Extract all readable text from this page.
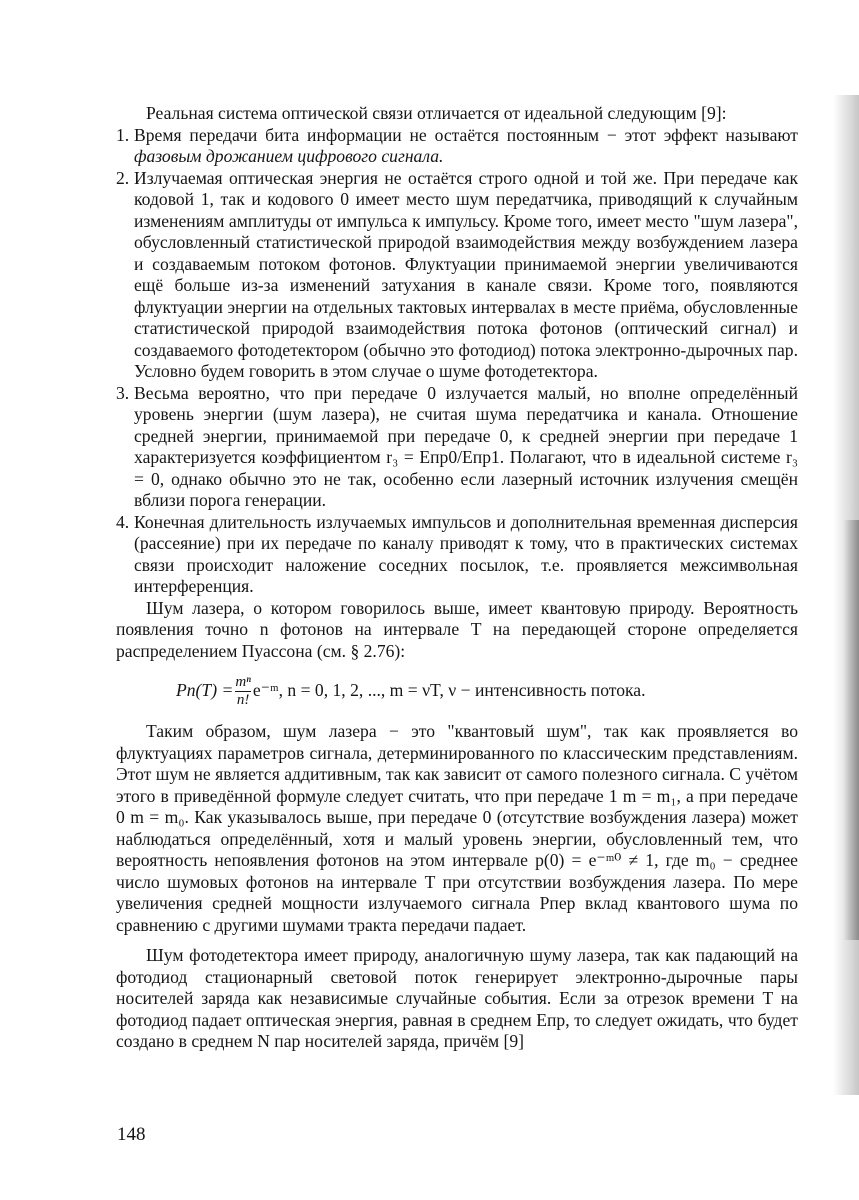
Реальная система оптической связи отличается от идеальной следующим [9]:

1. Время передачи бита информации не остаётся постоянным − этот эффект называют фазовым дрожанием цифрового сигнала.
2. Излучаемая оптическая энергия не остаётся строго одной и той же. При передаче как кодовой 1, так и кодового 0 имеет место шум передатчика, приводящий к случайным изменениям амплитуды от импульса к импульсу. Кроме того, имеет место "шум лазера", обусловленный статистической природой взаимодействия между возбуждением лазера и создаваемым потоком фотонов. Флуктуации принимаемой энергии увеличиваются ещё больше из-за изменений затухания в канале связи. Кроме того, появляются флуктуации энергии на отдельных тактовых интервалах в месте приёма, обусловленные статистической природой взаимодействия потока фотонов (оптический сигнал) и создаваемого фотодетектором (обычно это фотодиод) потока электронно-дырочных пар. Условно будем говорить в этом случае о шуме фотодетектора.
3. Весьма вероятно, что при передаче 0 излучается малый, но вполне определённый уровень энергии (шум лазера), не считая шума передатчика и канала. Отношение средней энергии, принимаемой при передаче 0, к средней энергии при передаче 1 характеризуется коэффициентом r₃ = Eпр0/Eпр1. Полагают, что в идеальной системе r₃ = 0, однако обычно это не так, особенно если лазерный источник излучения смещён вблизи порога генерации.
4. Конечная длительность излучаемых импульсов и дополнительная временная дисперсия (рассеяние) при их передаче по каналу приводят к тому, что в практических системах связи происходит наложение соседних посылок, т.е. проявляется межсимвольная интерференция.

Шум лазера, о котором говорилось выше, имеет квантовую природу. Вероятность появления точно n фотонов на интервале T на передающей стороне определяется распределением Пуассона (см. § 2.76):

$Pn(T) = \frac{\text{mⁿ}}{n!}$ e⁻ᵐ,
n = 0, 1, 2, ..., m = νT, ν − интенсивность потока.

Таким образом, шум лазера − это "квантовый шум", так как проявляется во флуктуациях параметров сигнала, детерминированного по классическим представлениям. Этот шум не является аддитивным, так как зависит от самого полезного сигнала. С учётом этого в приведённой формуле следует считать, что при передаче 1 m = m₁, а при передаче 0 m = m₀. Как указывалось выше, при передаче 0 (отсутствие возбуждения лазера) может наблюдаться определённый, хотя и малый уровень энергии, обусловленный тем, что вероятность непоявления фотонов на этом интервале p(0) = e⁻ᵐ⁰ ≠ 1, где m₀ − среднее число шумовых фотонов на интервале T при отсутствии возбуждения лазера. По мере увеличения средней мощности излучаемого сигнала Pпер вклад квантового шума по сравнению с другими шумами тракта передачи падает.

Шум фотодетектора имеет природу, аналогичную шуму лазера, так как падающий на фотодиод стационарный световой поток генерирует электронно-дырочные пары носителей заряда как независимые случайные события. Если за отрезок времени T на фотодиод падает оптическая энергия, равная в среднем Eпр, то следует ожидать, что будет создано в среднем N пар носителей заряда, причём [9]

148
